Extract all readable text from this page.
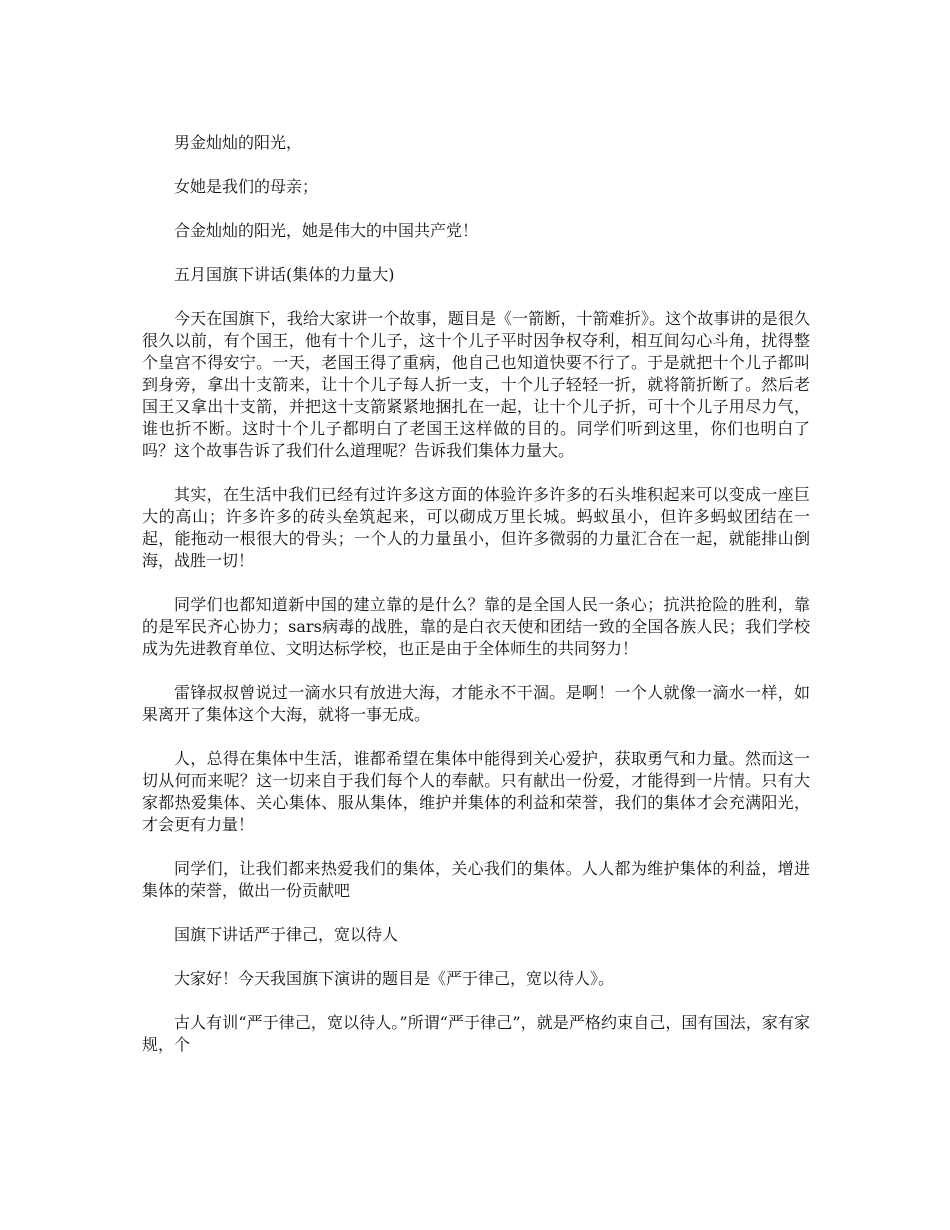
男金灿灿的阳光，

女她是我们的母亲；

合金灿灿的阳光，她是伟大的中国共产党！

五月国旗下讲话(集体的力量大)

今天在国旗下，我给大家讲一个故事，题目是《一箭断，十箭难折》。这个故事讲的是很久很久以前，有个国王，他有十个儿子，这十个儿子平时因争权夺利，相互间勾心斗角，扰得整个皇宫不得安宁。一天，老国王得了重病，他自己也知道快要不行了。于是就把十个儿子都叫到身旁，拿出十支箭来，让十个儿子每人折一支，十个儿子轻轻一折，就将箭折断了。然后老国王又拿出十支箭，并把这十支箭紧紧地捆扎在一起，让十个儿子折，可十个儿子用尽力气，谁也折不断。这时十个儿子都明白了老国王这样做的目的。同学们听到这里，你们也明白了吗？这个故事告诉了我们什么道理呢？告诉我们集体力量大。

其实，在生活中我们已经有过许多这方面的体验许多许多的石头堆积起来可以变成一座巨大的高山；许多许多的砖头垒筑起来，可以砌成万里长城。蚂蚁虽小，但许多蚂蚁团结在一起，能拖动一根很大的骨头；一个人的力量虽小，但许多微弱的力量汇合在一起，就能排山倒海，战胜一切！

同学们也都知道新中国的建立靠的是什么？靠的是全国人民一条心；抗洪抢险的胜利，靠的是军民齐心协力；sars病毒的战胜，靠的是白衣天使和团结一致的全国各族人民；我们学校成为先进教育单位、文明达标学校，也正是由于全体师生的共同努力！

雷锋叔叔曾说过一滴水只有放进大海，才能永不干涸。是啊！一个人就像一滴水一样，如果离开了集体这个大海，就将一事无成。

人，总得在集体中生活，谁都希望在集体中能得到关心爱护，获取勇气和力量。然而这一切从何而来呢？这一切来自于我们每个人的奉献。只有献出一份爱，才能得到一片情。只有大家都热爱集体、关心集体、服从集体，维护并集体的利益和荣誉，我们的集体才会充满阳光，才会更有力量！

同学们，让我们都来热爱我们的集体，关心我们的集体。人人都为维护集体的利益，增进集体的荣誉，做出一份贡献吧

国旗下讲话严于律己，宽以待人

大家好！今天我国旗下演讲的题目是《严于律己，宽以待人》。

古人有训“严于律己，宽以待人。”所谓“严于律己”，就是严格约束自己，国有国法，家有家规，个
